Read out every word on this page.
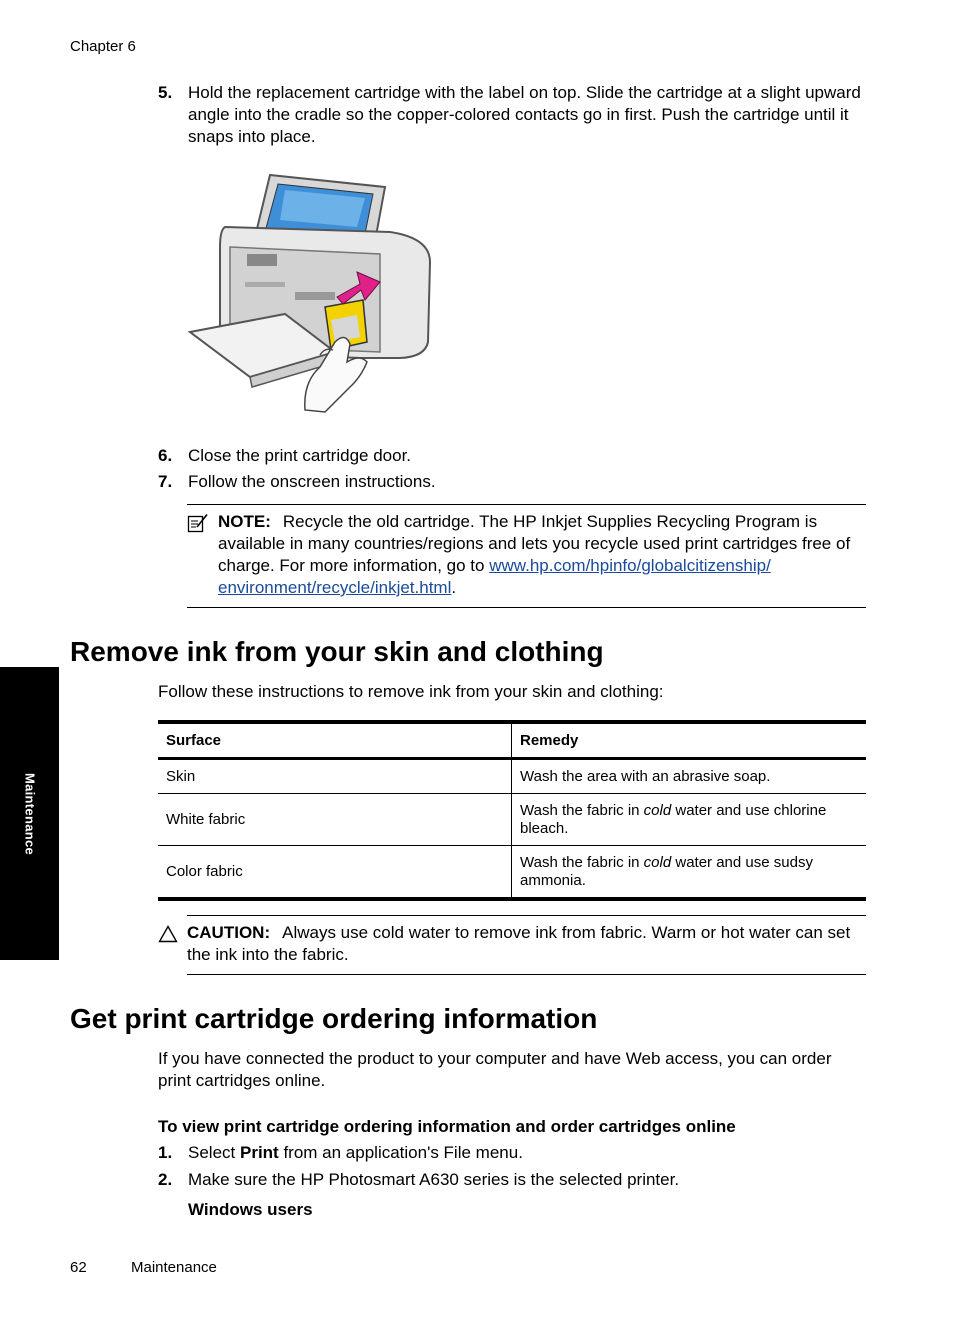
Chapter 6
5. Hold the replacement cartridge with the label on top. Slide the cartridge at a slight upward angle into the cradle so the copper-colored contacts go in first. Push the cartridge until it snaps into place.
6. Close the print cartridge door.
7. Follow the onscreen instructions.
NOTE: Recycle the old cartridge. The HP Inkjet Supplies Recycling Program is available in many countries/regions and lets you recycle used print cartridges free of charge. For more information, go to www.hp.com/hpinfo/globalcitizenship/
environment/recycle/inkjet.html.
Remove ink from your skin and clothing
Follow these instructions to remove ink from your skin and clothing:
Surface	Remedy
Skin	Wash the area with an abrasive soap.
White fabric	Wash the fabric in cold water and use chlorine bleach.
Color fabric	Wash the fabric in cold water and use sudsy ammonia.
CAUTION: Always use cold water to remove ink from fabric. Warm or hot water can set the ink into the fabric.
Get print cartridge ordering information
If you have connected the product to your computer and have Web access, you can order print cartridges online.
To view print cartridge ordering information and order cartridges online
1. Select Print from an application's File menu.
2. Make sure the HP Photosmart A630 series is the selected printer.
Windows users
Maintenance
62	Maintenance
